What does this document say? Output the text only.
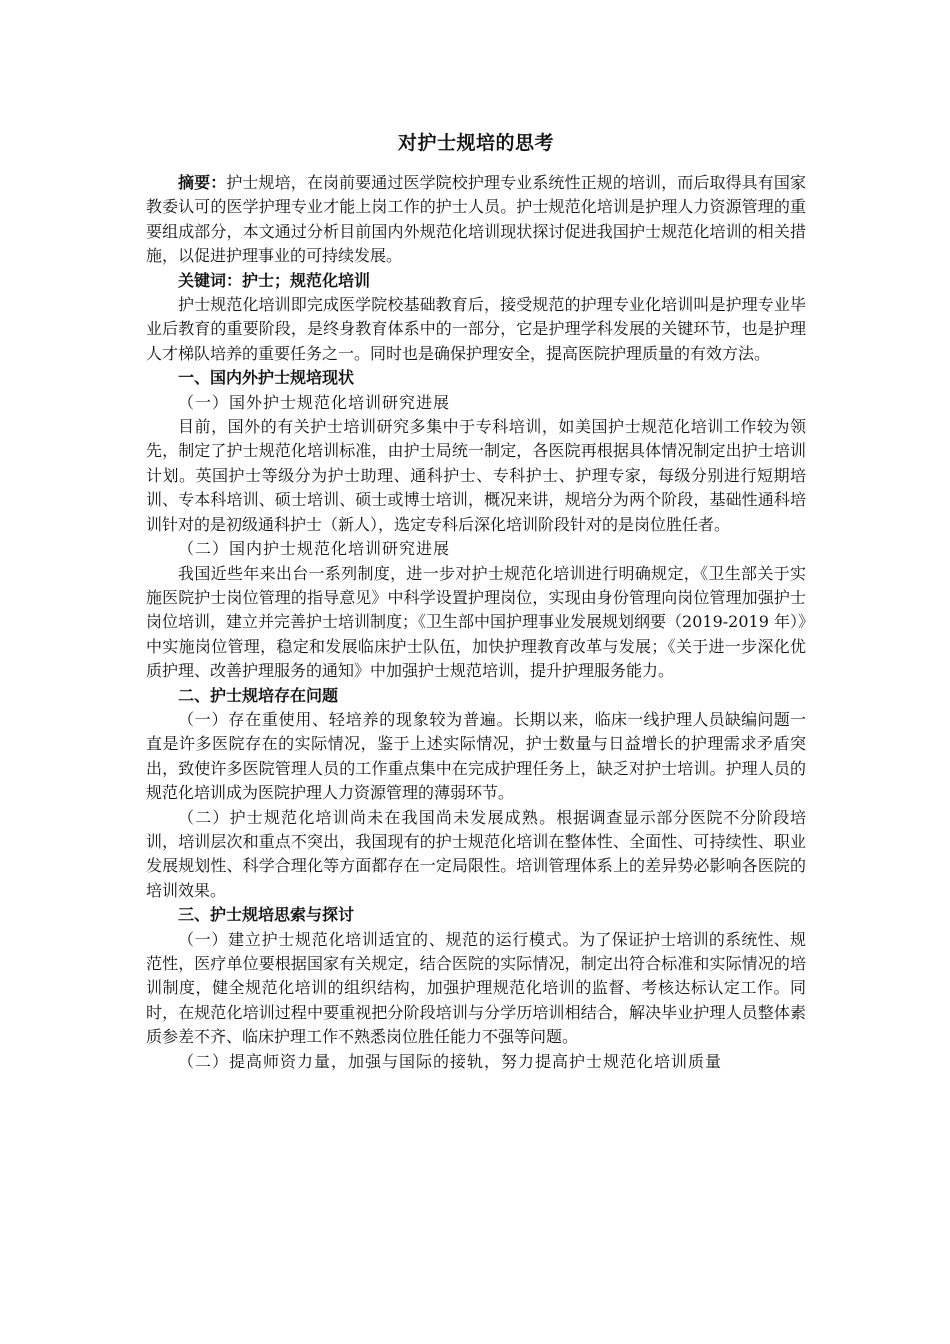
对护士规培的思考

摘要：护士规培，在岗前要通过医学院校护理专业系统性正规的培训，而后取得具有国家教委认可的医学护理专业才能上岗工作的护士人员。护士规范化培训是护理人力资源管理的重要组成部分，本文通过分析目前国内外规范化培训现状探讨促进我国护士规范化培训的相关措施，以促进护理事业的可持续发展。

关键词：护士；规范化培训

护士规范化培训即完成医学院校基础教育后，接受规范的护理专业化培训叫是护理专业毕业后教育的重要阶段，是终身教育体系中的一部分，它是护理学科发展的关键环节，也是护理人才梯队培养的重要任务之一。同时也是确保护理安全，提高医院护理质量的有效方法。

一、国内外护士规培现状

（一）国外护士规范化培训研究进展

目前，国外的有关护士培训研究多集中于专科培训，如美国护士规范化培训工作较为领先，制定了护士规范化培训标准，由护士局统一制定，各医院再根据具体情况制定出护士培训计划。英国护士等级分为护士助理、通科护士、专科护士、护理专家，每级分别进行短期培训、专本科培训、硕士培训、硕士或博士培训，概况来讲，规培分为两个阶段，基础性通科培训针对的是初级通科护士（新人），选定专科后深化培训阶段针对的是岗位胜任者。

（二）国内护士规范化培训研究进展

我国近些年来出台一系列制度，进一步对护士规范化培训进行明确规定，《卫生部关于实施医院护士岗位管理的指导意见》中科学设置护理岗位，实现由身份管理向岗位管理加强护士岗位培训，建立并完善护士培训制度；《卫生部中国护理事业发展规划纲要（2019-2019 年）》中实施岗位管理，稳定和发展临床护士队伍，加快护理教育改革与发展；《关于进一步深化优质护理、改善护理服务的通知》中加强护士规范培训，提升护理服务能力。

二、护士规培存在问题

（一）存在重使用、轻培养的现象较为普遍。长期以来，临床一线护理人员缺编问题一直是许多医院存在的实际情况，鉴于上述实际情况，护士数量与日益增长的护理需求矛盾突出，致使许多医院管理人员的工作重点集中在完成护理任务上，缺乏对护士培训。护理人员的规范化培训成为医院护理人力资源管理的薄弱环节。

（二）护士规范化培训尚未在我国尚未发展成熟。根据调查显示部分医院不分阶段培训，培训层次和重点不突出，我国现有的护士规范化培训在整体性、全面性、可持续性、职业发展规划性、科学合理化等方面都存在一定局限性。培训管理体系上的差异势必影响各医院的培训效果。

三、护士规培思索与探讨

（一）建立护士规范化培训适宜的、规范的运行模式。为了保证护士培训的系统性、规范性，医疗单位要根据国家有关规定，结合医院的实际情况，制定出符合标准和实际情况的培训制度，健全规范化培训的组织结构，加强护理规范化培训的监督、考核达标认定工作。同时，在规范化培训过程中要重视把分阶段培训与分学历培训相结合，解决毕业护理人员整体素质参差不齐、临床护理工作不熟悉岗位胜任能力不强等问题。

（二）提高师资力量，加强与国际的接轨，努力提高护士规范化培训质量
